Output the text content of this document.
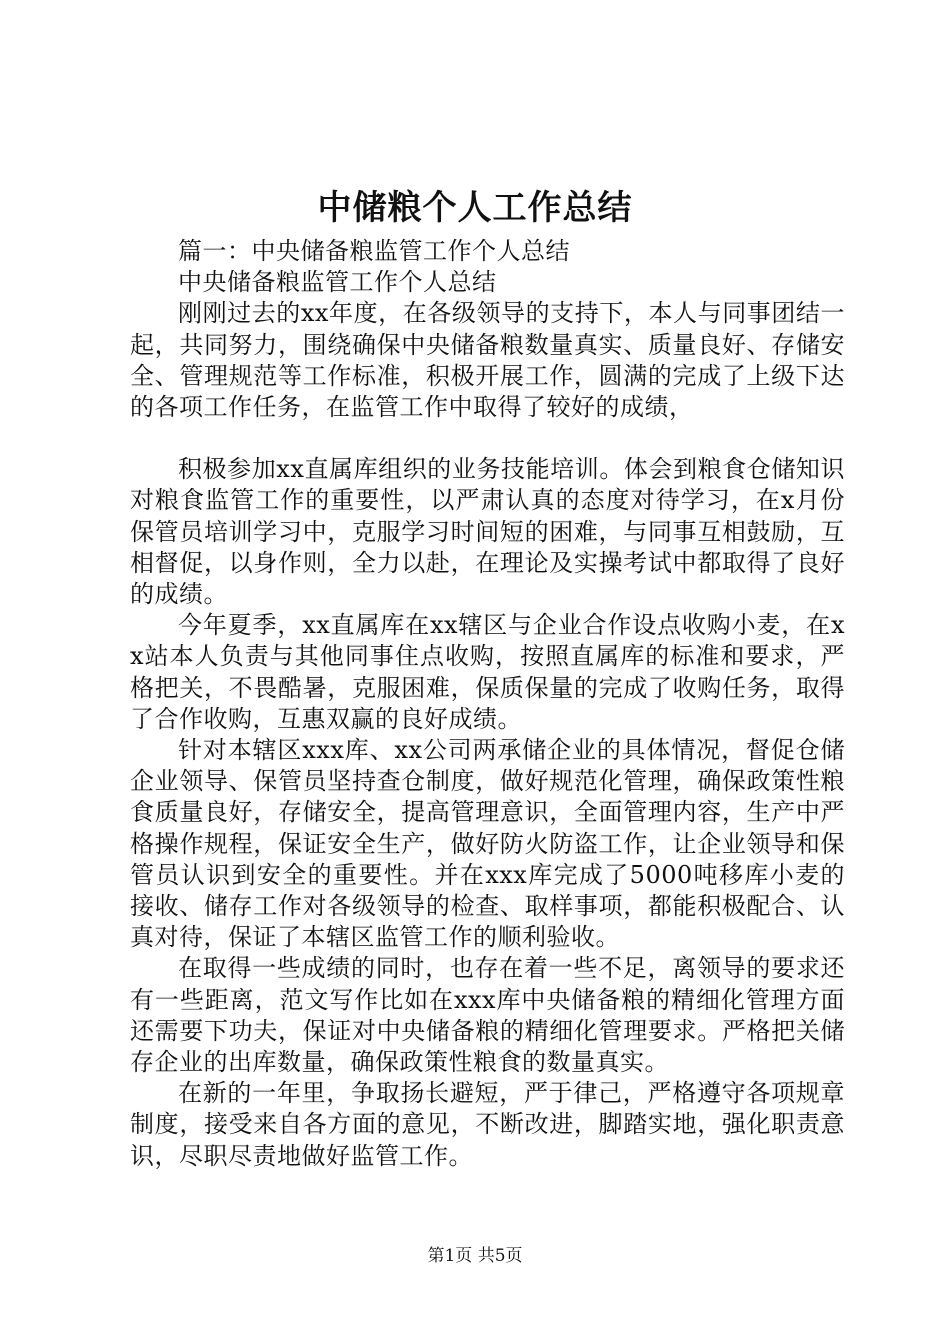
中储粮个人工作总结

篇一：中央储备粮监管工作个人总结

中央储备粮监管工作个人总结

刚刚过去的xx年度，在各级领导的支持下，本人与同事团结一起，共同努力，围绕确保中央储备粮数量真实、质量良好、存储安全、管理规范等工作标准，积极开展工作，圆满的完成了上级下达的各项工作任务，在监管工作中取得了较好的成绩，

积极参加xx直属库组织的业务技能培训。体会到粮食仓储知识对粮食监管工作的重要性，以严肃认真的态度对待学习，在x月份保管员培训学习中，克服学习时间短的困难，与同事互相鼓励，互相督促，以身作则，全力以赴，在理论及实操考试中都取得了良好的成绩。

今年夏季，xx直属库在xx辖区与企业合作设点收购小麦，在xx站本人负责与其他同事住点收购，按照直属库的标准和要求，严格把关，不畏酷暑，克服困难，保质保量的完成了收购任务，取得了合作收购，互惠双赢的良好成绩。

针对本辖区xxx库、xx公司两承储企业的具体情况，督促仓储企业领导、保管员坚持查仓制度，做好规范化管理，确保政策性粮食质量良好，存储安全，提高管理意识，全面管理内容，生产中严格操作规程，保证安全生产，做好防火防盗工作，让企业领导和保管员认识到安全的重要性。并在xxx库完成了5000吨移库小麦的接收、储存工作对各级领导的检查、取样事项，都能积极配合、认真对待，保证了本辖区监管工作的顺利验收。

在取得一些成绩的同时，也存在着一些不足，离领导的要求还有一些距离，范文写作比如在xxx库中央储备粮的精细化管理方面还需要下功夫，保证对中央储备粮的精细化管理要求。严格把关储存企业的出库数量，确保政策性粮食的数量真实。

在新的一年里，争取扬长避短，严于律己，严格遵守各项规章制度，接受来自各方面的意见，不断改进，脚踏实地，强化职责意识，尽职尽责地做好监管工作。

第1页 共5页
